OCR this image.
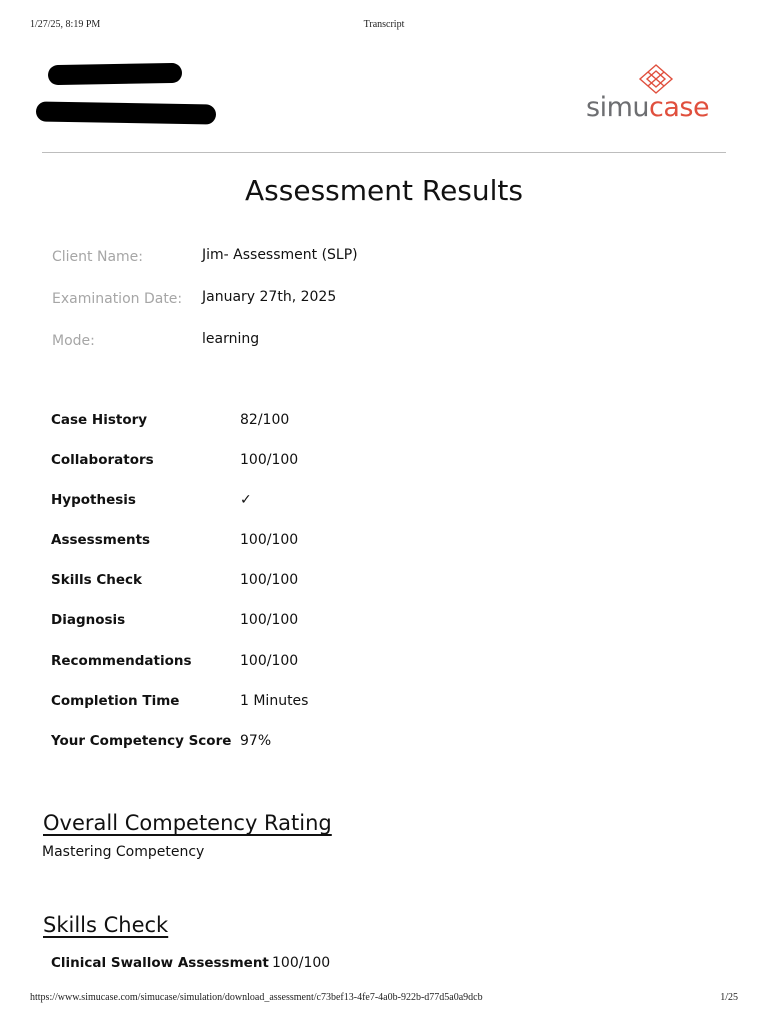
1/27/25, 8:19 PM	Transcript
simucase
Assessment Results
Client Name:	Jim- Assessment (SLP)
Examination Date: January 27th, 2025
Mode:	learning
Case History	82/100
Collaborators	100/100
Hypothesis	✓
Assessments	100/100
Skills Check	100/100
Diagnosis	100/100
Recommendations	100/100
Completion Time	1 Minutes
Your Competency Score 97%
Overall Competency Rating
Mastering Competency
Skills Check
Clinical Swallow Assessment 100/100
https://www.simucase.com/simucase/simulation/download_assessment/c73bef13-4fe7-4a0b-922b-d77d5a0a9dcb	1/25
